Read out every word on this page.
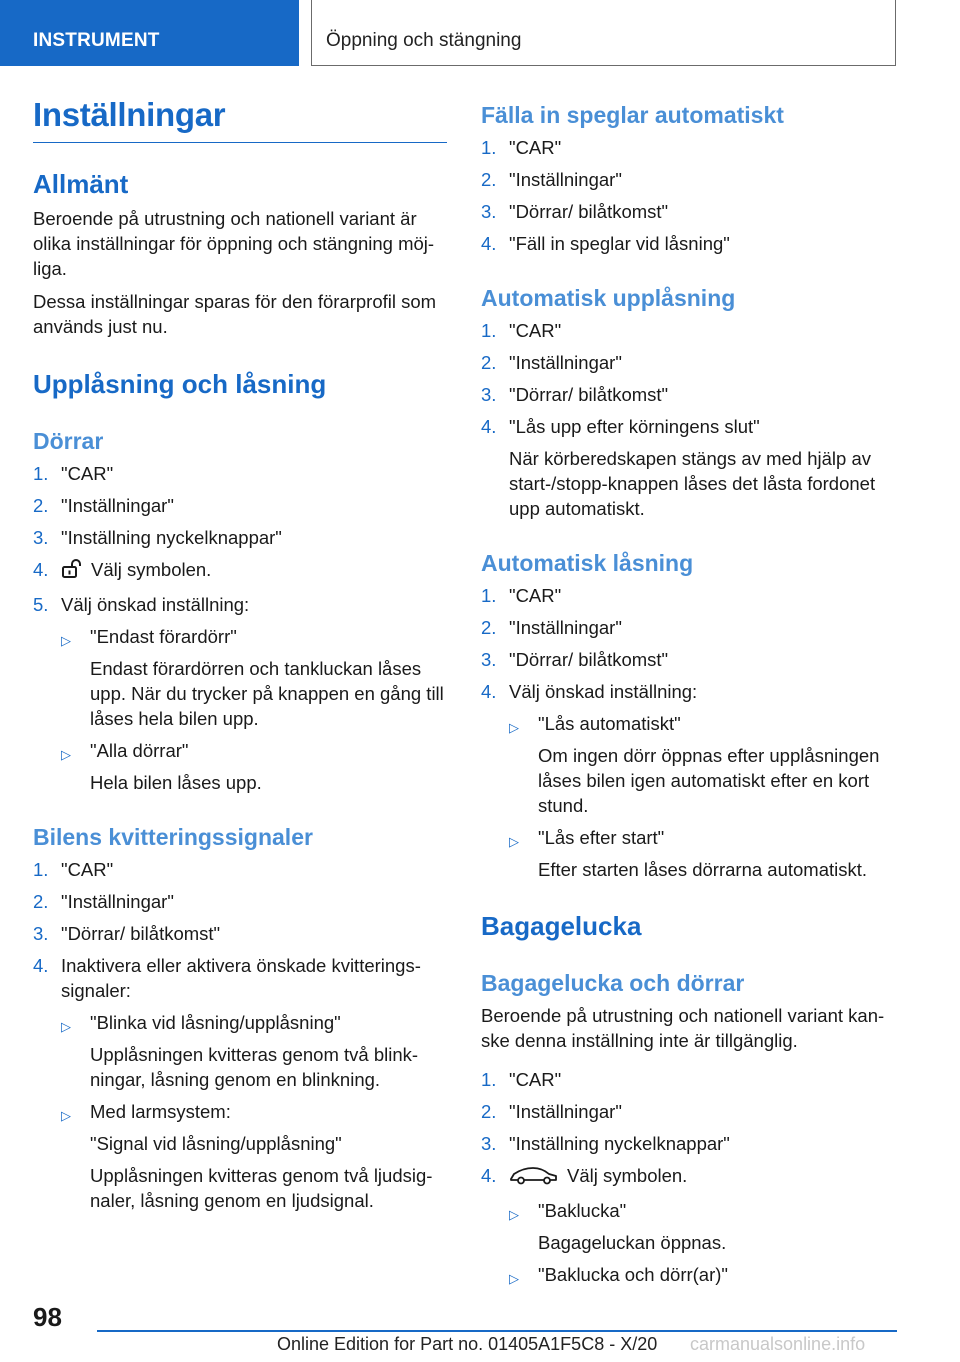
INSTRUMENT	Öppning och stängning
Inställningar
Allmänt
Beroende på utrustning och nationell variant är olika inställningar för öppning och stängning möj‐liga.
Dessa inställningar sparas för den förarprofil som används just nu.
Upplåsning och låsning
Dörrar
1. "CAR"
2. "Inställningar"
3. "Inställning nyckelknappar"
4.	Välj symbolen.
5. Välj önskad inställning:
▷	"Endast förardörr"
Endast förardörren och tankluckan låses upp. När du trycker på knappen en gång till låses hela bilen upp.
▷	"Alla dörrar"
Hela bilen låses upp.
Bilens kvitteringssignaler
1. "CAR"
2. "Inställningar"
3. "Dörrar/ bilåtkomst"
4. Inaktivera eller aktivera önskade kvitterings‐signaler:
▷	"Blinka vid låsning/upplåsning"
Upplåsningen kvitteras genom två blink‐ningar, låsning genom en blinkning.
▷	Med larmsystem:
"Signal vid låsning/upplåsning"
Upplåsningen kvitteras genom två ljudsig‐naler, låsning genom en ljudsignal.
Fälla in speglar automatiskt
1. "CAR"
2. "Inställningar"
3. "Dörrar/ bilåtkomst"
4. "Fäll in speglar vid låsning"
Automatisk upplåsning
1. "CAR"
2. "Inställningar"
3. "Dörrar/ bilåtkomst"
4. "Lås upp efter körningens slut"
När körberedskapen stängs av med hjälp av start-/stopp-knappen låses det låsta fordonet upp automatiskt.
Automatisk låsning
1. "CAR"
2. "Inställningar"
3. "Dörrar/ bilåtkomst"
4. Välj önskad inställning:
▷	"Lås automatiskt"
Om ingen dörr öppnas efter upplåsningen låses bilen igen automatiskt efter en kort stund.
▷	"Lås efter start"
Efter starten låses dörrarna automatiskt.
Bagagelucka
Bagagelucka och dörrar
Beroende på utrustning och nationell variant kan‐ske denna inställning inte är tillgänglig.
1. "CAR"
2. "Inställningar"
3. "Inställning nyckelknappar"
4.	Välj symbolen.
▷	"Baklucka"
Bagageluckan öppnas.
▷	"Baklucka och dörr(ar)"
98
Online Edition for Part no. 01405A1F5C8 - X/20 carmanualsonline.info
